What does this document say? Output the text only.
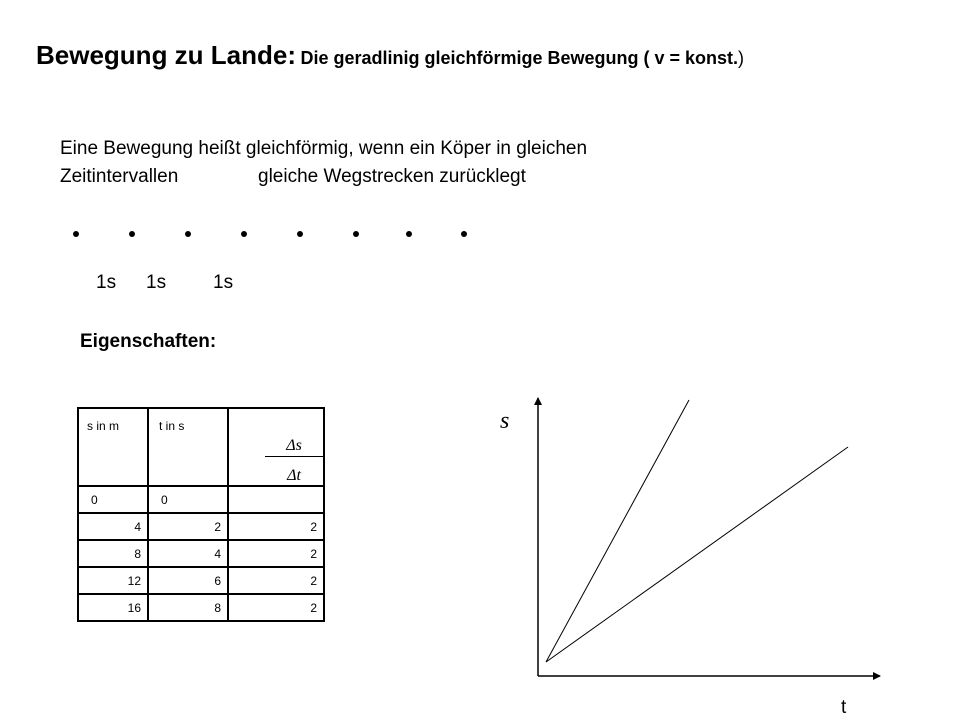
Bewegung zu Lande: Die geradlinig gleichförmige Bewegung ( v = konst.)
Eine Bewegung heißt gleichförmig, wenn ein Köper in gleichen
Zeitintervallen	gleiche Wegstrecken zurücklegt
1s 1s 1s
Eigenschaften:
s in m	t in s	Δs
Δt

0	0	
4	2	2
8	4	2
12	6	2
16	8	2
s
t
